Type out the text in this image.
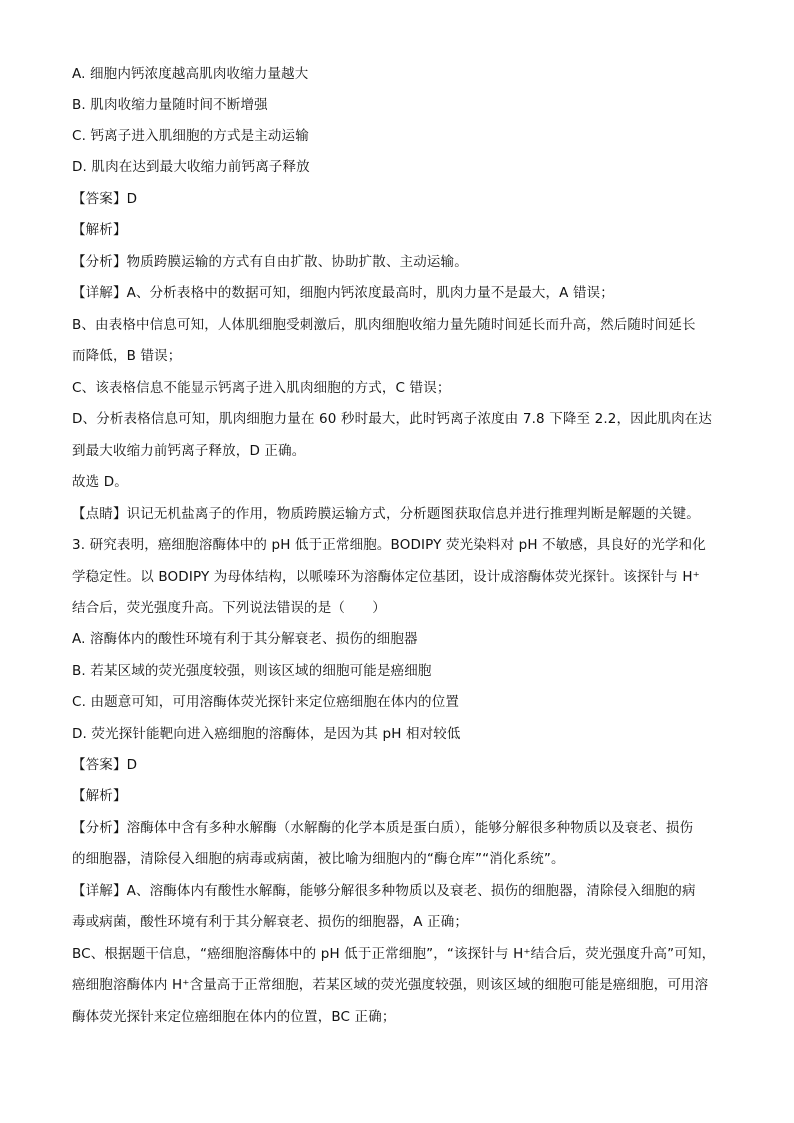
A. 细胞内钙浓度越高肌肉收缩力量越大
B. 肌肉收缩力量随时间不断增强
C. 钙离子进入肌细胞的方式是主动运输
D. 肌肉在达到最大收缩力前钙离子释放
【答案】D
【解析】
【分析】物质跨膜运输的方式有自由扩散、协助扩散、主动运输。
【详解】A、分析表格中的数据可知，细胞内钙浓度最高时，肌肉力量不是最大，A 错误；
B、由表格中信息可知，人体肌细胞受刺激后，肌肉细胞收缩力量先随时间延长而升高，然后随时间延长
而降低，B 错误；
C、该表格信息不能显示钙离子进入肌肉细胞的方式，C 错误；
D、分析表格信息可知，肌肉细胞力量在 60 秒时最大，此时钙离子浓度由 7.8 下降至 2.2，因此肌肉在达
到最大收缩力前钙离子释放，D 正确。
故选 D。
【点睛】识记无机盐离子的作用，物质跨膜运输方式，分析题图获取信息并进行推理判断是解题的关键。
3. 研究表明，癌细胞溶酶体中的 pH 低于正常细胞。BODIPY 荧光染料对 pH 不敏感，具良好的光学和化
学稳定性。以 BODIPY 为母体结构，以哌嗪环为溶酶体定位基团，设计成溶酶体荧光探针。该探针与 H⁺
结合后，荧光强度升高。下列说法错误的是（　　）
A. 溶酶体内的酸性环境有利于其分解衰老、损伤的细胞器
B. 若某区域的荧光强度较强，则该区域的细胞可能是癌细胞
C. 由题意可知，可用溶酶体荧光探针来定位癌细胞在体内的位置
D. 荧光探针能靶向进入癌细胞的溶酶体，是因为其 pH 相对较低
【答案】D
【解析】
【分析】溶酶体中含有多种水解酶（水解酶的化学本质是蛋白质），能够分解很多种物质以及衰老、损伤
的细胞器，清除侵入细胞的病毒或病菌，被比喻为细胞内的“酶仓库”“消化系统”。
【详解】A、溶酶体内有酸性水解酶，能够分解很多种物质以及衰老、损伤的细胞器，清除侵入细胞的病
毒或病菌，酸性环境有利于其分解衰老、损伤的细胞器，A 正确；
BC、根据题干信息，“癌细胞溶酶体中的 pH 低于正常细胞”，“该探针与 H⁺结合后，荧光强度升高”可知，
癌细胞溶酶体内 H⁺含量高于正常细胞，若某区域的荧光强度较强，则该区域的细胞可能是癌细胞，可用溶
酶体荧光探针来定位癌细胞在体内的位置，BC 正确；
